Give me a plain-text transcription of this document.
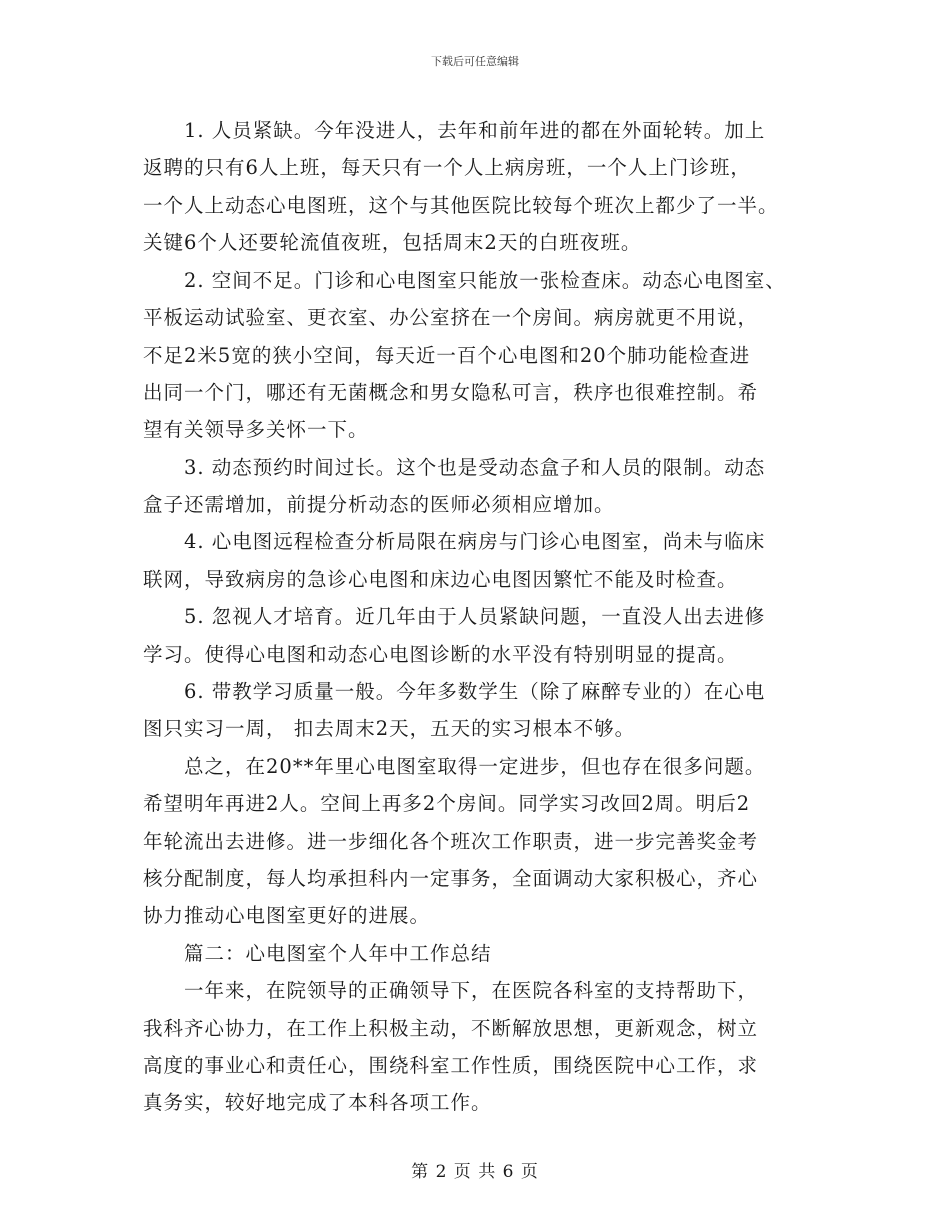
下载后可任意编辑
　　1. 人员紧缺。今年没进人，去年和前年进的都在外面轮转。加上
返聘的只有6人上班，每天只有一个人上病房班，一个人上门诊班，
一个人上动态心电图班，这个与其他医院比较每个班次上都少了一半。
关键6个人还要轮流值夜班，包括周末2天的白班夜班。
　　2. 空间不足。门诊和心电图室只能放一张检查床。动态心电图室、
平板运动试验室、更衣室、办公室挤在一个房间。病房就更不用说，
不足2米5宽的狭小空间，每天近一百个心电图和20个肺功能检查进
出同一个门，哪还有无菌概念和男女隐私可言，秩序也很难控制。希
望有关领导多关怀一下。
　　3. 动态预约时间过长。这个也是受动态盒子和人员的限制。动态
盒子还需增加，前提分析动态的医师必须相应增加。
　　4. 心电图远程检查分析局限在病房与门诊心电图室，尚未与临床
联网，导致病房的急诊心电图和床边心电图因繁忙不能及时检查。
　　5. 忽视人才培育。近几年由于人员紧缺问题，一直没人出去进修
学习。使得心电图和动态心电图诊断的水平没有特别明显的提高。
　　6. 带教学习质量一般。今年多数学生（除了麻醉专业的）在心电
图只实习一周， 扣去周末2天，五天的实习根本不够。
　　总之，在20**年里心电图室取得一定进步，但也存在很多问题。
希望明年再进2人。空间上再多2个房间。同学实习改回2周。明后2
年轮流出去进修。进一步细化各个班次工作职责，进一步完善奖金考
核分配制度，每人均承担科内一定事务，全面调动大家积极心，齐心
协力推动心电图室更好的进展。
　　篇二：心电图室个人年中工作总结
　　一年来，在院领导的正确领导下，在医院各科室的支持帮助下，
我科齐心协力，在工作上积极主动，不断解放思想，更新观念，树立
高度的事业心和责任心，围绕科室工作性质，围绕医院中心工作，求
真务实，较好地完成了本科各项工作。
第 2 页 共 6 页
